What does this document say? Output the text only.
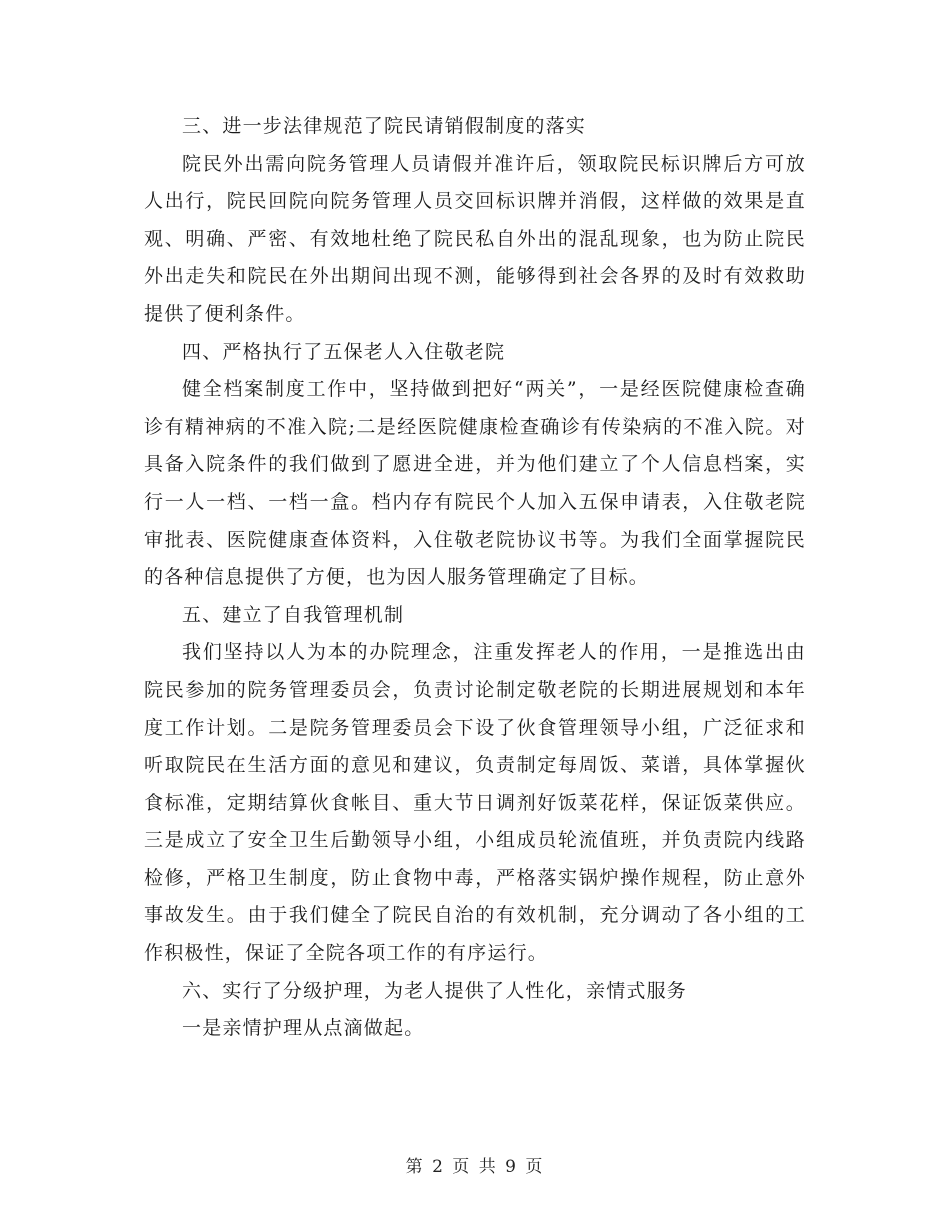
三、进一步法律规范了院民请销假制度的落实

院民外出需向院务管理人员请假并准许后，领取院民标识牌后方可放人出行，院民回院向院务管理人员交回标识牌并消假，这样做的效果是直观、明确、严密、有效地杜绝了院民私自外出的混乱现象，也为防止院民外出走失和院民在外出期间出现不测，能够得到社会各界的及时有效救助提供了便利条件。

四、严格执行了五保老人入住敬老院

健全档案制度工作中，坚持做到把好“两关”，一是经医院健康检查确诊有精神病的不准入院;二是经医院健康检查确诊有传染病的不准入院。对具备入院条件的我们做到了愿进全进，并为他们建立了个人信息档案，实行一人一档、一档一盒。档内存有院民个人加入五保申请表，入住敬老院审批表、医院健康查体资料，入住敬老院协议书等。为我们全面掌握院民的各种信息提供了方便，也为因人服务管理确定了目标。

五、建立了自我管理机制

我们坚持以人为本的办院理念，注重发挥老人的作用，一是推选出由院民参加的院务管理委员会，负责讨论制定敬老院的长期进展规划和本年度工作计划。二是院务管理委员会下设了伙食管理领导小组，广泛征求和听取院民在生活方面的意见和建议，负责制定每周饭、菜谱，具体掌握伙食标准，定期结算伙食帐目、重大节日调剂好饭菜花样，保证饭菜供应。三是成立了安全卫生后勤领导小组，小组成员轮流值班，并负责院内线路检修，严格卫生制度，防止食物中毒，严格落实锅炉操作规程，防止意外事故发生。由于我们健全了院民自治的有效机制，充分调动了各小组的工作积极性，保证了全院各项工作的有序运行。

六、实行了分级护理，为老人提供了人性化，亲情式服务

一是亲情护理从点滴做起。

第 2 页 共 9 页
